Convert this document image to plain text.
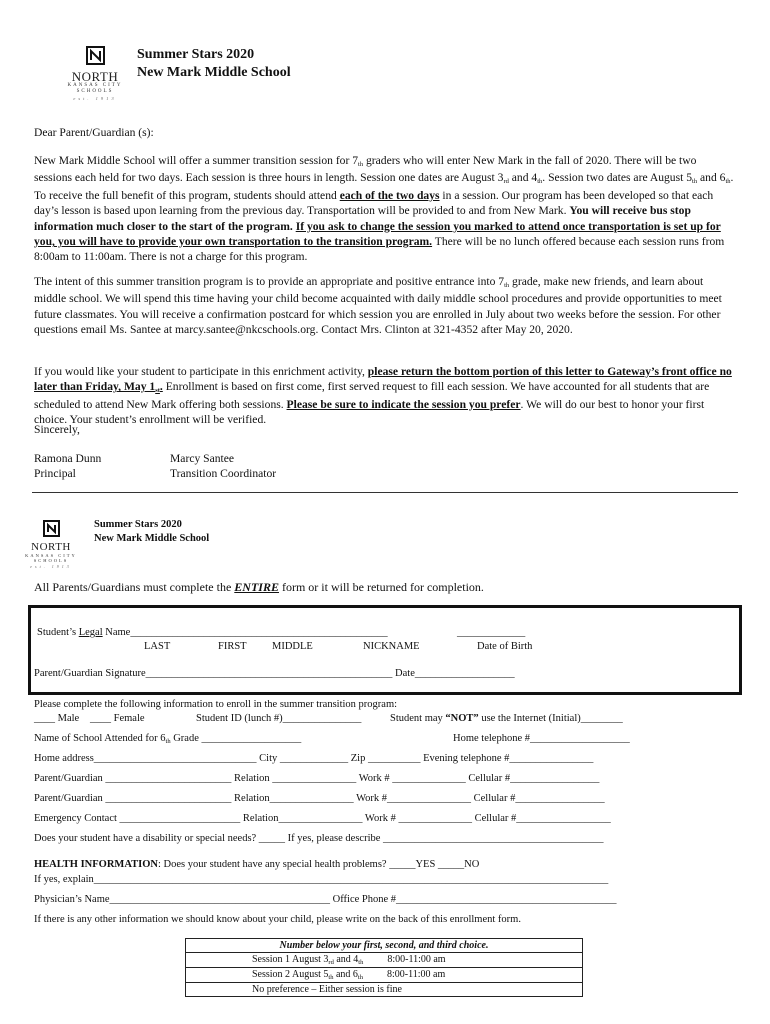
NORTH
KANSAS CITY
SCHOOLS
est. 1913
Summer Stars 2020
New Mark Middle School
Dear Parent/Guardian (s):

New Mark Middle School will offer a summer transition session for 7th graders who will enter New Mark in the fall of 2020. There will be two sessions each held for two days. Each session is three hours in length. Session one dates are August 3rd and 4th. Session two dates are August 5th and 6th. To receive the full benefit of this program, students should attend each of the two days in a session. Our program has been developed so that each day’s lesson is based upon learning from the previous day. Transportation will be provided to and from New Mark. You will receive bus stop information much closer to the start of the program. If you ask to change the session you marked to attend once transportation is set up for you, you will have to provide your own transportation to the transition program. There will be no lunch offered because each session runs from 8:00am to 11:00am. There is not a charge for this program.

The intent of this summer transition program is to provide an appropriate and positive entrance into 7th grade, make new friends, and learn about middle school. We will spend this time having your child become acquainted with daily middle school procedures and provide opportunities to meet future classmates. You will receive a confirmation postcard for which session you are enrolled in July about two weeks before the session. For other questions email Ms. Santee at marcy.santee@nkcschools.org. Contact Mrs. Clinton at 321-4352 after May 20, 2020.

If you would like your student to participate in this enrichment activity, please return the bottom portion of this letter to Gateway’s front office no later than Friday, May 1st. Enrollment is based on first come, first served request to fill each session. We have accounted for all students that are scheduled to attend New Mark offering both sessions. Please be sure to indicate the session you prefer. We will do our best to honor your first choice. Your student’s enrollment will be verified.

Sincerely,
Ramona Dunn
Principal
Marcy Santee
Transition Coordinator
NORTH
KANSAS CITY
SCHOOLS
est. 1913
Summer Stars 2020
New Mark Middle School
All Parents/Guardians must complete the ENTIRE form or it will be returned for completion.
Student’s Legal Name_________________________________________________	_____________
LAST	FIRST MIDDLE	NICKNAME	Date of Birth
Parent/Guardian Signature_______________________________________________ Date___________________
Please complete the following information to enroll in the summer transition program:
____ Male ____ Female	Student ID (lunch #)_______________	Student may “NOT” use the Internet (Initial)________
Name of School Attended for 6th Grade ___________________	Home telephone #___________________
Home address_______________________________ City _____________ Zip __________ Evening telephone #________________
Parent/Guardian ________________________ Relation ________________ Work # ______________ Cellular #_________________
Parent/Guardian ________________________ Relation________________ Work #________________ Cellular #_________________
Emergency Contact _______________________ Relation________________ Work # ______________ Cellular #__________________
Does your student have a disability or special needs? _____ If yes, please describe __________________________________________
HEALTH INFORMATION: Does your student have any special health problems? _____YES _____NO
If yes, explain__________________________________________________________________________________________________
Physician’s Name__________________________________________ Office Phone #__________________________________________
If there is any other information we should know about your child, please write on the back of this enrollment form.
Number below your first, second, and third choice.
Session 1 August 3rd and 4th 8:00-11:00 am
Session 2 August 5th and 6th 8:00-11:00 am
No preference – Either session is fine
